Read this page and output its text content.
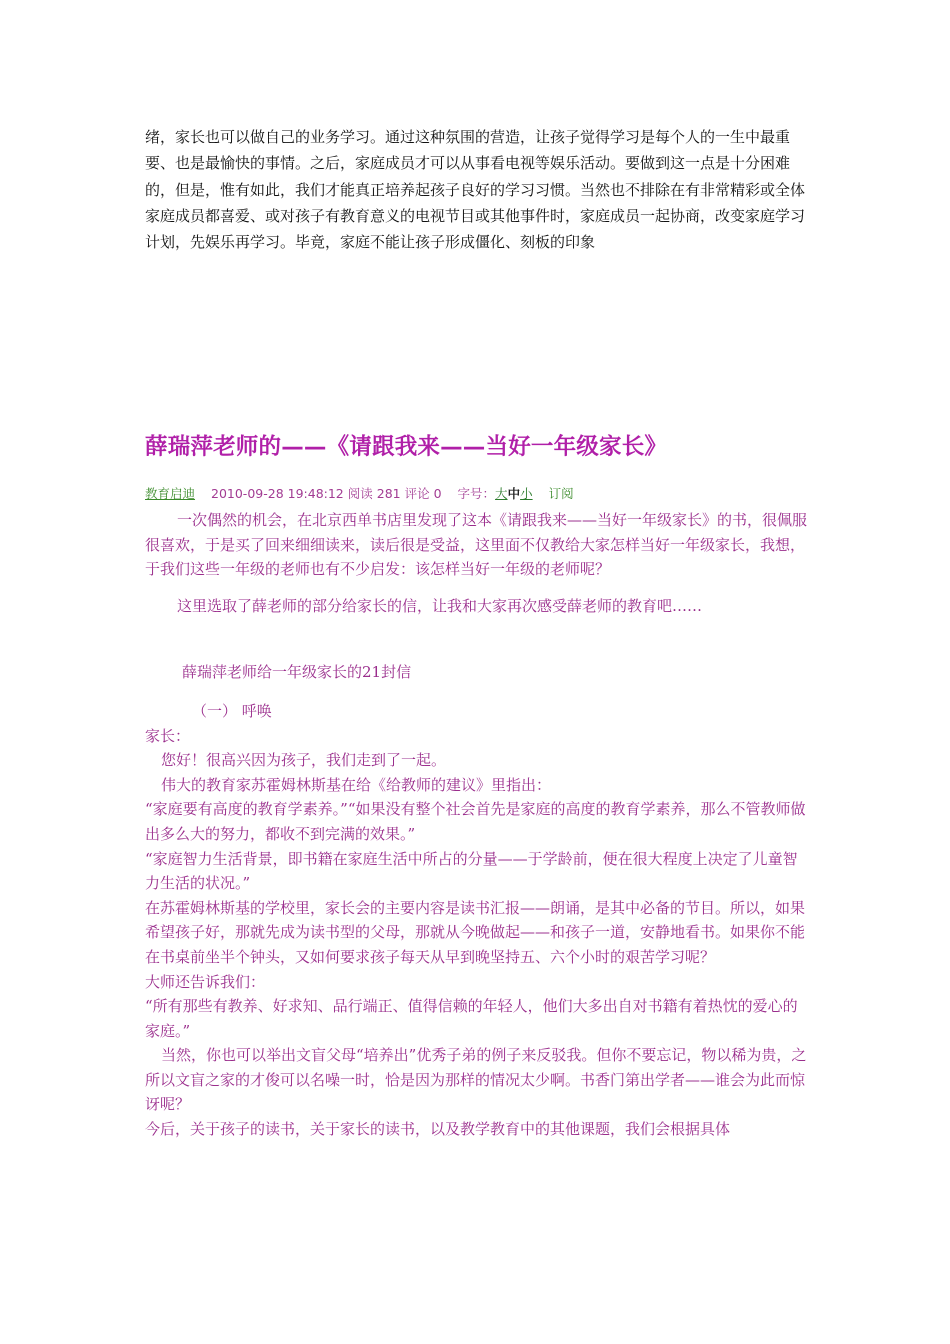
绪，家长也可以做自己的业务学习。通过这种氛围的营造，让孩子觉得学习是每个人的一生中最重要、也是最愉快的事情。之后，家庭成员才可以从事看电视等娱乐活动。要做到这一点是十分困难的，但是，惟有如此，我们才能真正培养起孩子良好的学习习惯。当然也不排除在有非常精彩或全体家庭成员都喜爱、或对孩子有教育意义的电视节目或其他事件时，家庭成员一起协商，改变家庭学习计划，先娱乐再学习。毕竟，家庭不能让孩子形成僵化、刻板的印象

薛瑞萍老师的——《请跟我来——当好一年级家长》
教育启迪 2010-09-28 19:48:12 阅读 281 评论 0 字号：大中小 订阅

一次偶然的机会，在北京西单书店里发现了这本《请跟我来——当好一年级家长》的书，很佩服很喜欢，于是买了回来细细读来，读后很是受益，这里面不仅教给大家怎样当好一年级家长，我想，于我们这些一年级的老师也有不少启发：该怎样当好一年级的老师呢？

这里选取了薛老师的部分给家长的信，让我和大家再次感受薛老师的教育吧……

薛瑞萍老师给一年级家长的21封信

（一） 呼唤

家长：

您好！很高兴因为孩子，我们走到了一起。

伟大的教育家苏霍姆林斯基在给《给教师的建议》里指出：

“家庭要有高度的教育学素养。”“如果没有整个社会首先是家庭的高度的教育学素养，那么不管教师做出多么大的努力，都收不到完满的效果。”

“家庭智力生活背景，即书籍在家庭生活中所占的分量——于学龄前，便在很大程度上决定了儿童智力生活的状况。”

在苏霍姆林斯基的学校里，家长会的主要内容是读书汇报——朗诵，是其中必备的节目。所以，如果希望孩子好，那就先成为读书型的父母，那就从今晚做起——和孩子一道，安静地看书。如果你不能在书桌前坐半个钟头，又如何要求孩子每天从早到晚坚持五、六个小时的艰苦学习呢？

大师还告诉我们：

“所有那些有教养、好求知、品行端正、值得信赖的年轻人，他们大多出自对书籍有着热忱的爱心的家庭。”

当然，你也可以举出文盲父母“培养出”优秀子弟的例子来反驳我。但你不要忘记，物以稀为贵，之所以文盲之家的才俊可以名噪一时，恰是因为那样的情况太少啊。书香门第出学者——谁会为此而惊讶呢？

今后，关于孩子的读书，关于家长的读书，以及教学教育中的其他课题，我们会根据具体
